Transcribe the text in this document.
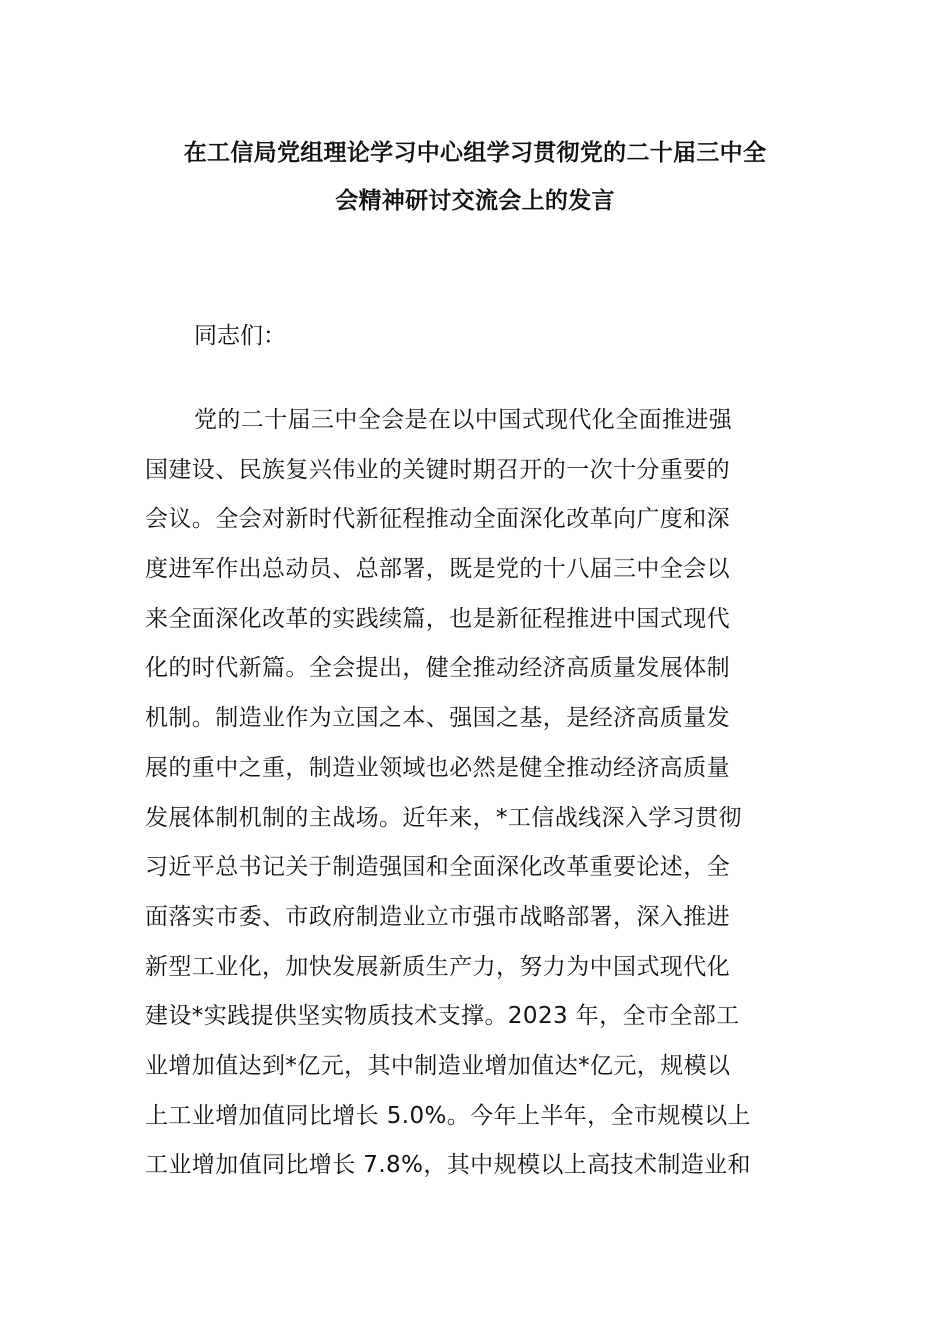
在工信局党组理论学习中心组学习贯彻党的二十届三中全
会精神研讨交流会上的发言
同志们：
党的二十届三中全会是在以中国式现代化全面推进强
国建设、民族复兴伟业的关键时期召开的一次十分重要的
会议。全会对新时代新征程推动全面深化改革向广度和深
度进军作出总动员、总部署，既是党的十八届三中全会以
来全面深化改革的实践续篇，也是新征程推进中国式现代
化的时代新篇。全会提出，健全推动经济高质量发展体制
机制。制造业作为立国之本、强国之基，是经济高质量发
展的重中之重，制造业领域也必然是健全推动经济高质量
发展体制机制的主战场。近年来，*工信战线深入学习贯彻
习近平总书记关于制造强国和全面深化改革重要论述，全
面落实市委、市政府制造业立市强市战略部署，深入推进
新型工业化，加快发展新质生产力，努力为中国式现代化
建设*实践提供坚实物质技术支撑。2023 年，全市全部工
业增加值达到*亿元，其中制造业增加值达*亿元，规模以
上工业增加值同比增长 5.0%。今年上半年，全市规模以上
工业增加值同比增长 7.8%，其中规模以上高技术制造业和
